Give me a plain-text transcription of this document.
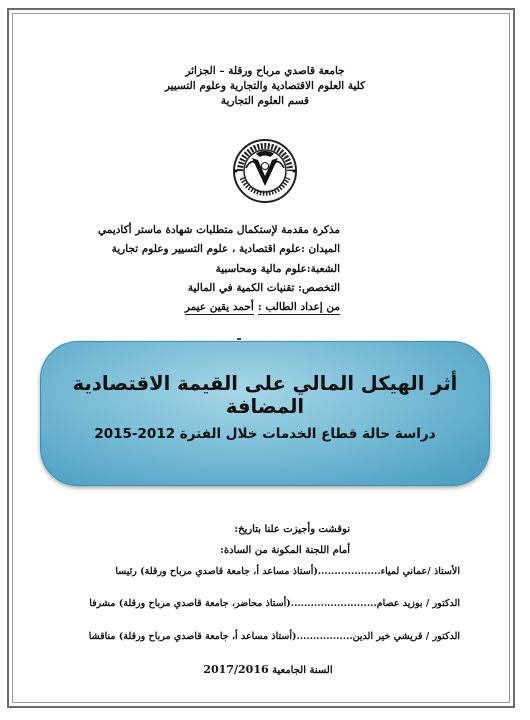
جامعة قاصدي مرباح ورقلة – الجزائر
كلية العلوم الاقتصادية والتجارية وعلوم التسيير
قسم العلوم التجارية
مذكرة مقدمة لإستكمال متطلبات شهادة ماستر أكاديمي
الميدان :علوم اقتصادية ، علوم التسيير وعلوم تجارية
الشعبة:علوم مالية ومحاسبية
التخصص: تقنيات الكمية في المالية
من إعداد الطالب :أحمد يقين عيمر
أثر الهيكل المالي على القيمة الاقتصادية المضافة
دراسة حالة قطاع الخدمات خلال الفترة 2012-2015
نوقشت وأجيزت علنا بتاريخ:
أمام اللجنة المكونة من السادة:
الأستاذ /عماني لمياء...................(أستاذ مساعد أ، جامعة قاصدي مرباح ورقلة) رئيسا
الدكتور / بوزيد عصام..........................(أستاذ محاضر، جامعة قاصدي مرباح ورقلة) مشرفا
الدكتور / قريشي خير الدين.................(أستاذ مساعد أ، جامعة قاصدي مرباح ورقلة) مناقشا
السنة الجامعية 2017/2016
